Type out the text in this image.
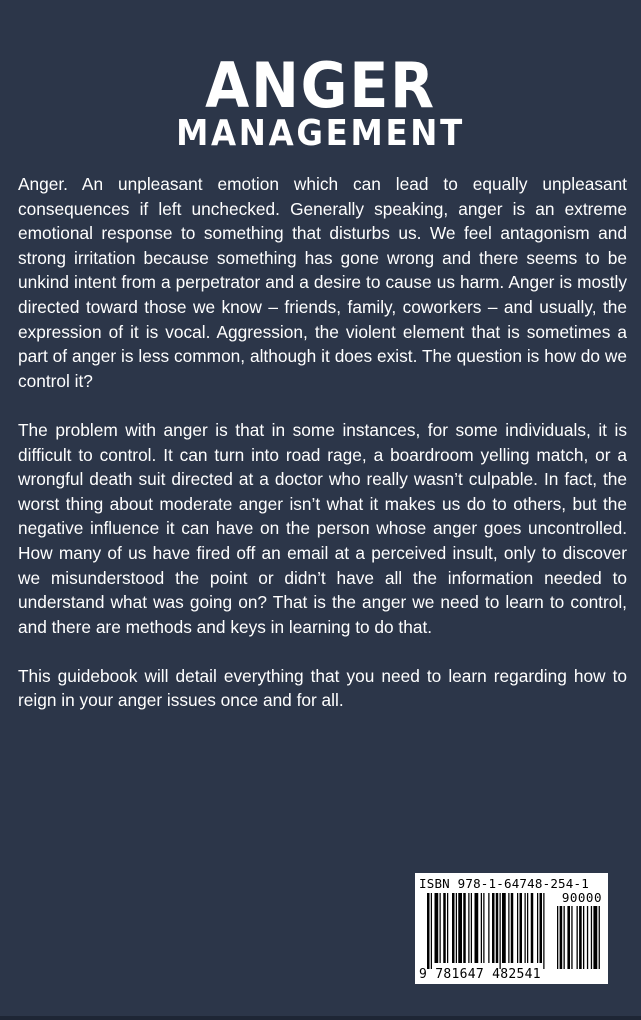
ANGER
MANAGEMENT

Anger. An unpleasant emotion which can lead to equally unpleasant consequences if left unchecked. Generally speaking, anger is an extreme emotional response to something that disturbs us. We feel antagonism and strong irritation because something has gone wrong and there seems to be unkind intent from a perpetrator and a desire to cause us harm. Anger is mostly directed toward those we know – friends, family, coworkers – and usually, the expression of it is vocal. Aggression, the violent element that is sometimes a part of anger is less common, although it does exist. The question is how do we control it?

The problem with anger is that in some instances, for some individuals, it is difficult to control. It can turn into road rage, a boardroom yelling match, or a wrongful death suit directed at a doctor who really wasn’t culpable. In fact, the worst thing about moderate anger isn’t what it makes us do to others, but the negative influence it can have on the person whose anger goes uncontrolled. How many of us have fired off an email at a perceived insult, only to discover we misunderstood the point or didn’t have all the information needed to understand what was going on? That is the anger we need to learn to control, and there are methods and keys in learning to do that.

This guidebook will detail everything that you need to learn regarding how to reign in your anger issues once and for all.

ISBN 978-1-64748-254-1
90000
9 781647 482541
